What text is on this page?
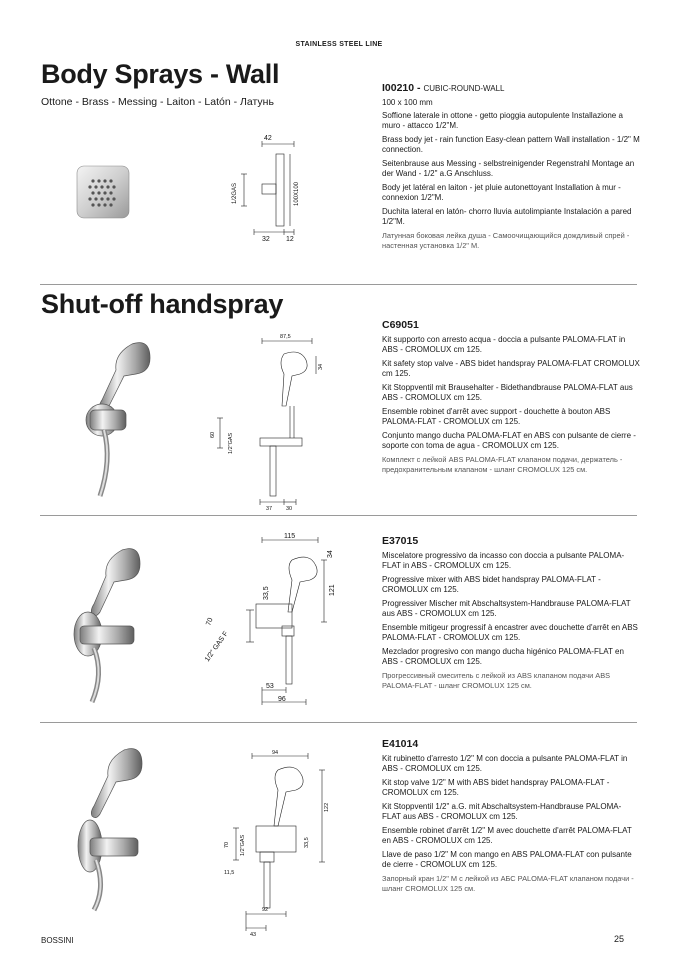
STAINLESS STEEL LINE
Body Sprays - Wall
Ottone - Brass - Messing - Laiton - Latón - Латунь
42
1/2GAS	100X100
32 12
I00210 - CUBIC-ROUND-WALL
100 x 100 mm
Soffione laterale in ottone - getto pioggia autopulente Installazione a muro - attacco 1/2"M.
Brass body jet - rain function Easy-clean pattern Wall installation - 1/2" M connection.
Seitenbrause aus Messing - selbstreinigender Regenstrahl Montage an der Wand - 1/2" a.G Anschluss.
Body jet latéral en laiton - jet pluie autonettoyant Installation à mur - connexion 1/2"M.
Duchita lateral en latón- chorro lluvia autolimpiante Instalación a pared 1/2"M.
Латунная боковая лейка душа - Самоочищающийся дождливый спрей - настенная установка 1/2" M.
Shut-off handspray
87,5
34
60 1/2"GAS
37	30
C69051
Kit supporto con arresto acqua - doccia a pulsante PALOMA-FLAT in ABS - CROMOLUX cm 125.
Kit safety stop valve - ABS bidet handspray PALOMA-FLAT CROMOLUX cm 125.
Kit Stoppventil mit Brausehalter - Bidethandbrause PALOMA-FLAT aus ABS - CROMOLUX cm 125.
Ensemble robinet d'arrêt avec support - douchette à bouton ABS PALOMA-FLAT - CROMOLUX cm 125.
Conjunto mango ducha PALOMA-FLAT en ABS con pulsante de cierre - soporte con toma de agua - CROMOLUX cm 125.
Комплект с лейкой ABS PALOMA-FLAT клапаном подачи, держатель - предохранительным клапаном - шланг CROMOLUX 125 см.
115
34
121
70
33,5
1/2" GAS F
53
96
E37015
Miscelatore progressivo da incasso con doccia a pulsante PALOMA-FLAT in ABS - CROMOLUX cm 125.
Progressive mixer with ABS bidet handspray PALOMA-FLAT - CROMOLUX cm 125.
Progressiver Mischer mit Abschaltsystem-Handbrause PALOMA-FLAT aus ABS - CROMOLUX cm 125.
Ensemble mitigeur progressif à encastrer avec douchette d'arrêt en ABS PALOMA-FLAT - CROMOLUX cm 125.
Mezclador progresivo con mango ducha higénico PALOMA-FLAT en ABS - CROMOLUX cm 125.
Прогрессивный смеситель с лейкой из ABS клапаном подачи ABS PALOMA-FLAT - шланг CROMOLUX 125 см.
94
122
70 1/2"GAS	33,5
11,5
92
43
E41014
Kit rubinetto d'arresto 1/2" M con doccia a pulsante PALOMA-FLAT in ABS - CROMOLUX cm 125.
Kit stop valve 1/2" M with ABS bidet handspray PALOMA-FLAT - CROMOLUX cm 125.
Kit Stoppventil 1/2" a.G. mit Abschaltsystem-Handbrause PALOMA-FLAT aus ABS - CROMOLUX cm 125.
Ensemble robinet d'arrêt 1/2" M avec douchette d'arrêt PALOMA-FLAT en ABS - CROMOLUX cm 125.
Llave de paso 1/2" M con mango en ABS PALOMA-FLAT con pulsante de cierre - CROMOLUX cm 125.
Запорный кран 1/2" М с лейкой из АБС PALOMA-FLAT клапаном подачи - шланг CROMOLUX 125 см.
BOSSINI	25
